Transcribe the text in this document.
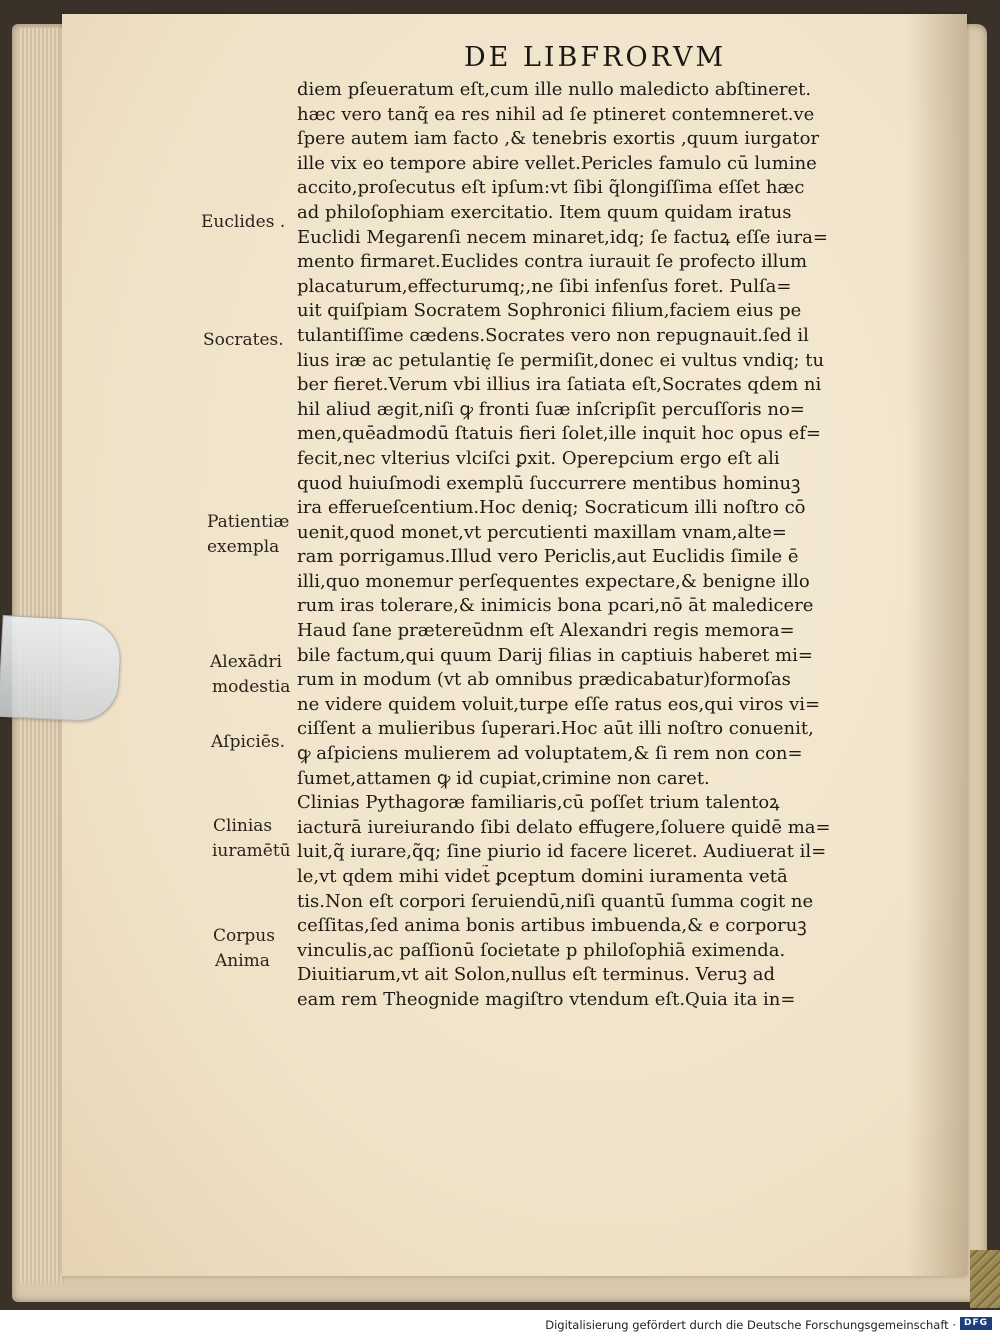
DE LIBFRORVM
Euclides .
Socrates.
Patientiæ
exempla
Alexādri
modestia
Aſpiciēs.
Clinias
iuramētū
Corpus
Anima
diem pſeueratum eſt,cum ille nullo maledicto abſtineret.
hæc vero tanq̃ ea res nihil ad ſe ptineret contemneret.ve
ſpere autem iam facto ,& tenebris exortis ,quum iurgator
ille vix eo tempore abire vellet.Pericles famulo cū lumine
accito,proſecutus eſt ipſum:vt ſibi q̃longiſſima eſſet hæc
ad philoſophiam exercitatio. Item quum quidam iratus
Euclidi Megarenſi necem minaret,idq; ſe factuꝝ eſſe iura=
mento firmaret.Euclides contra iurauit ſe profecto illum
placaturum,effecturumq;,ne ſibi infenſus foret. Pulſa=
uit quiſpiam Socratem Sophronici filium,faciem eius pe
tulantiſſime cædens.Socrates vero non repugnauit.ſed il
lius iræ ac petulantię ſe permiſit,donec ei vultus vndiq; tu
ber fieret.Verum vbi illius ira ſatiata eſt,Socrates qdem ni
hil aliud ægit,niſi ꝙ fronti ſuæ inſcripſit percuſſoris no=
men,quēadmodū ſtatuis fieri ſolet,ille inquit hoc opus ef=
fecit,nec vlterius vlciſci ꝑxit. Operepcium ergo eſt ali
quod huiuſmodi exemplū ſuccurrere mentibus hominuꝫ
ira efferueſcentium.Hoc deniq; Socraticum illi noſtro cō
uenit,quod monet,vt percutienti maxillam vnam,alte=
ram porrigamus.Illud vero Periclis,aut Euclidis ſimile ē
illi,quo monemur perſequentes expectare,& benigne illo
rum iras tolerare,& inimicis bona pcari,nō āt maledicere
Haud ſane prætereūdnm eſt Alexandri regis memora=
bile factum,qui quum Darij filias in captiuis haberet mi=
rum in modum (vt ab omnibus prædicabatur)formoſas
ne videre quidem voluit,turpe eſſe ratus eos,qui viros vi=
ciſſent a mulieribus ſuperari.Hoc aūt illi noſtro conuenit,
ꝙ aſpiciens mulierem ad voluptatem,& ſi rem non con=
ſumet,attamen ꝙ id cupiat,crimine non caret.
Clinias Pythagoræ familiaris,cū poſſet trium talentoꝝ
iacturā iureiurando ſibi delato effugere,ſoluere quidē ma=
luit,q̃ iurare,q̃q; ſine piurio id facere liceret. Audiuerat il=
le,vt qdem mihi videt̃ ꝑceptum domini iuramenta vetā
tis.Non eſt corpori ſeruiendū,niſi quantū ſumma cogit ne
ceſſitas,ſed anima bonis artibus imbuenda,& e corporuꝫ
vinculis,ac paſſionū ſocietate p philoſophiā eximenda.
Diuitiarum,vt ait Solon,nullus eſt terminus. Veruꝫ ad
eam rem Theognide magiſtro vtendum eſt.Quia ita in=
Digitalisierung gefördert durch die Deutsche Forschungsgemeinschaft · DFG
